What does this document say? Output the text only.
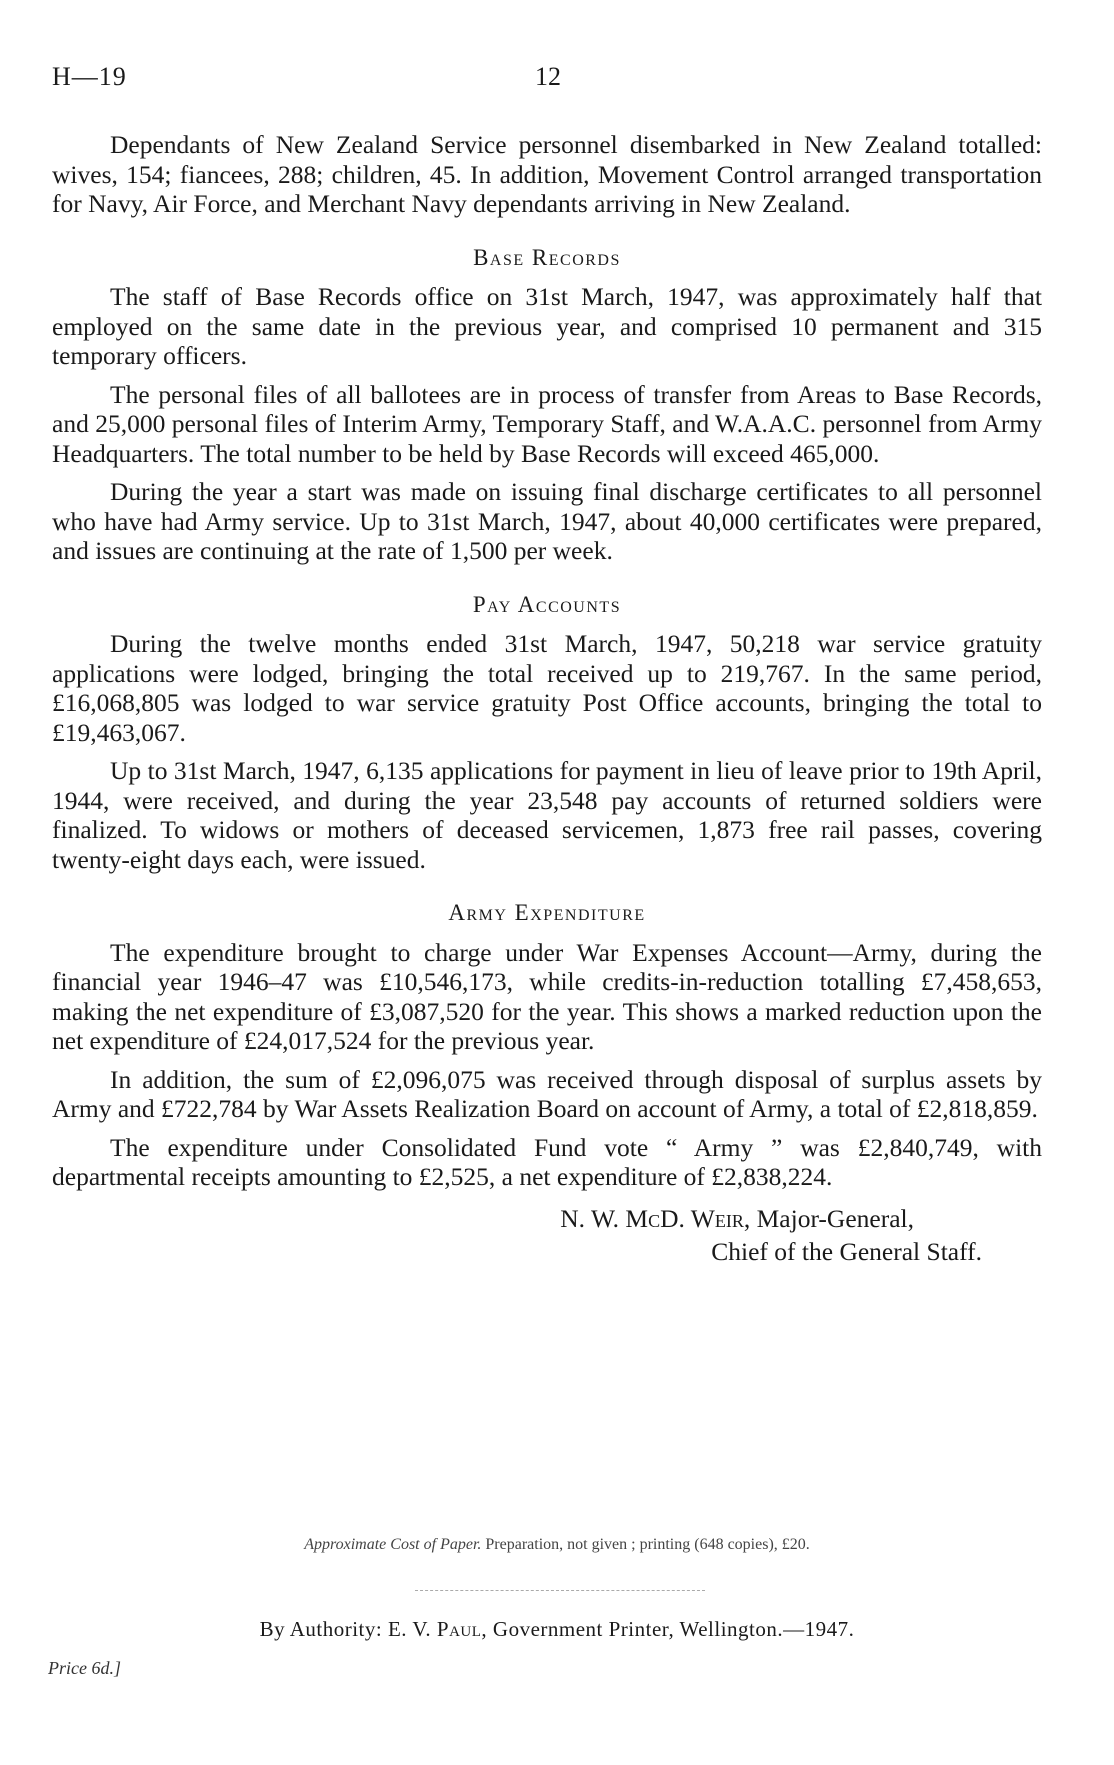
H—19	12

Dependants of New Zealand Service personnel disembarked in New Zealand totalled: wives, 154; fiancees, 288; children, 45. In addition, Movement Control arranged transportation for Navy, Air Force, and Merchant Navy dependants arriving in New Zealand.

Base Records

The staff of Base Records office on 31st March, 1947, was approximately half that employed on the same date in the previous year, and comprised 10 permanent and 315 temporary officers.

The personal files of all ballotees are in process of transfer from Areas to Base Records, and 25,000 personal files of Interim Army, Temporary Staff, and W.A.A.C. personnel from Army Headquarters. The total number to be held by Base Records will exceed 465,000.

During the year a start was made on issuing final discharge certificates to all personnel who have had Army service. Up to 31st March, 1947, about 40,000 certificates were prepared, and issues are continuing at the rate of 1,500 per week.

Pay Accounts

During the twelve months ended 31st March, 1947, 50,218 war service gratuity applications were lodged, bringing the total received up to 219,767. In the same period, £16,068,805 was lodged to war service gratuity Post Office accounts, bringing the total to £19,463,067.

Up to 31st March, 1947, 6,135 applications for payment in lieu of leave prior to 19th April, 1944, were received, and during the year 23,548 pay accounts of returned soldiers were finalized. To widows or mothers of deceased servicemen, 1,873 free rail passes, covering twenty-eight days each, were issued.

Army Expenditure

The expenditure brought to charge under War Expenses Account—Army, during the financial year 1946–47 was £10,546,173, while credits-in-reduction totalling £7,458,653, making the net expenditure of £3,087,520 for the year. This shows a marked reduction upon the net expenditure of £24,017,524 for the previous year.

In addition, the sum of £2,096,075 was received through disposal of surplus assets by Army and £722,784 by War Assets Realization Board on account of Army, a total of £2,818,859.

The expenditure under Consolidated Fund vote “ Army ” was £2,840,749, with departmental receipts amounting to £2,525, a net expenditure of £2,838,224.

N. W. McD. Weir, Major-General,
Chief of the General Staff.
Approximate Cost of Paper. Preparation, not given ; printing (648 copies), £20.
By Authority: E. V. Paul, Government Printer, Wellington.—1947.
Price 6d.]
